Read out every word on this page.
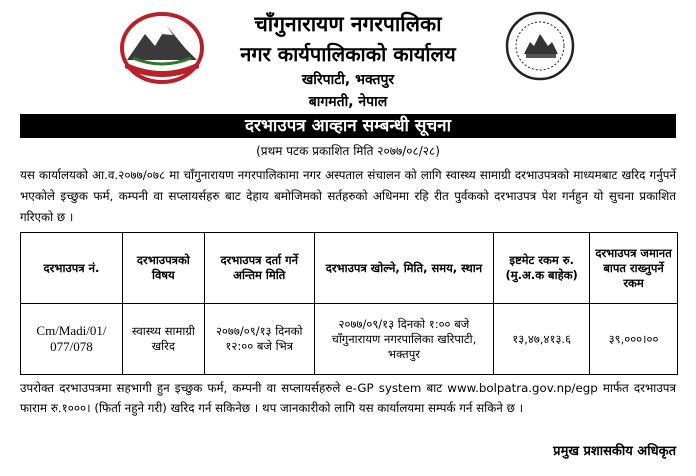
चाँगुनारायण नगरपालिका
नगर कार्यपालिकाको कार्यालय
खरिपाटी, भक्तपुर
बागमती, नेपाल
दरभाउपत्र आव्हान सम्बन्धी सूचना
(प्रथम पटक प्रकाशित मिति २०७७/०८/२८)
यस कार्यालयको आ.व.२०७७/०७८ मा चाँगुनारायण नगरपालिकामा नगर अस्पताल संचालन को लागि स्वास्थ्य सामाग्री दरभाउपत्रको माध्यमबाट खरिद गर्नुपर्ने भएकोले इच्छुक फर्म, कम्पनी वा सप्लायर्सहरु बाट देहाय बमोजिमको सर्तहरुको अधिनमा रहि रीत पुर्वकको दरभाउपत्र पेश गर्नहुन यो सुचना प्रकाशित गरिएको छ ।
दरभाउपत्र नं.	दरभाउपत्रको विषय	दरभाउपत्र दर्ता गर्ने अन्तिम मिति	दरभाउपत्र खोल्ने, मिति, समय, स्थान	इष्टमेट रकम रु. (मु.अ.क बाहेक)	दरभाउपत्र जमानत बापत राख्नुपर्ने रकम
Cm/Madi/01/ 077/078	स्वास्थ्य सामाग्री खरिद	२०७७/०९/१३ दिनको १२:०० बजे भित्र	२०७७/०९/१३ दिनको १:०० बजे चाँगुनारायण नगरपालिका खरिपाटी, भक्तपुर	१३,४७,४१३.६	३९,०००।००
उपरोक्त दरभाउपत्रमा सहभागी हुन इच्छुक फर्म, कम्पनी वा सप्लायर्सहरुले e-GP system बाट www.bolpatra.gov.np/egp मार्फत दरभाउपत्र फाराम रु.१०००। (फिर्ता नहुने गरी) खरिद गर्न सकिनेछ । थप जानकारीको लागि यस कार्यालयमा सम्पर्क गर्न सकिने छ ।
प्रमुख प्रशासकीय अधिकृत
